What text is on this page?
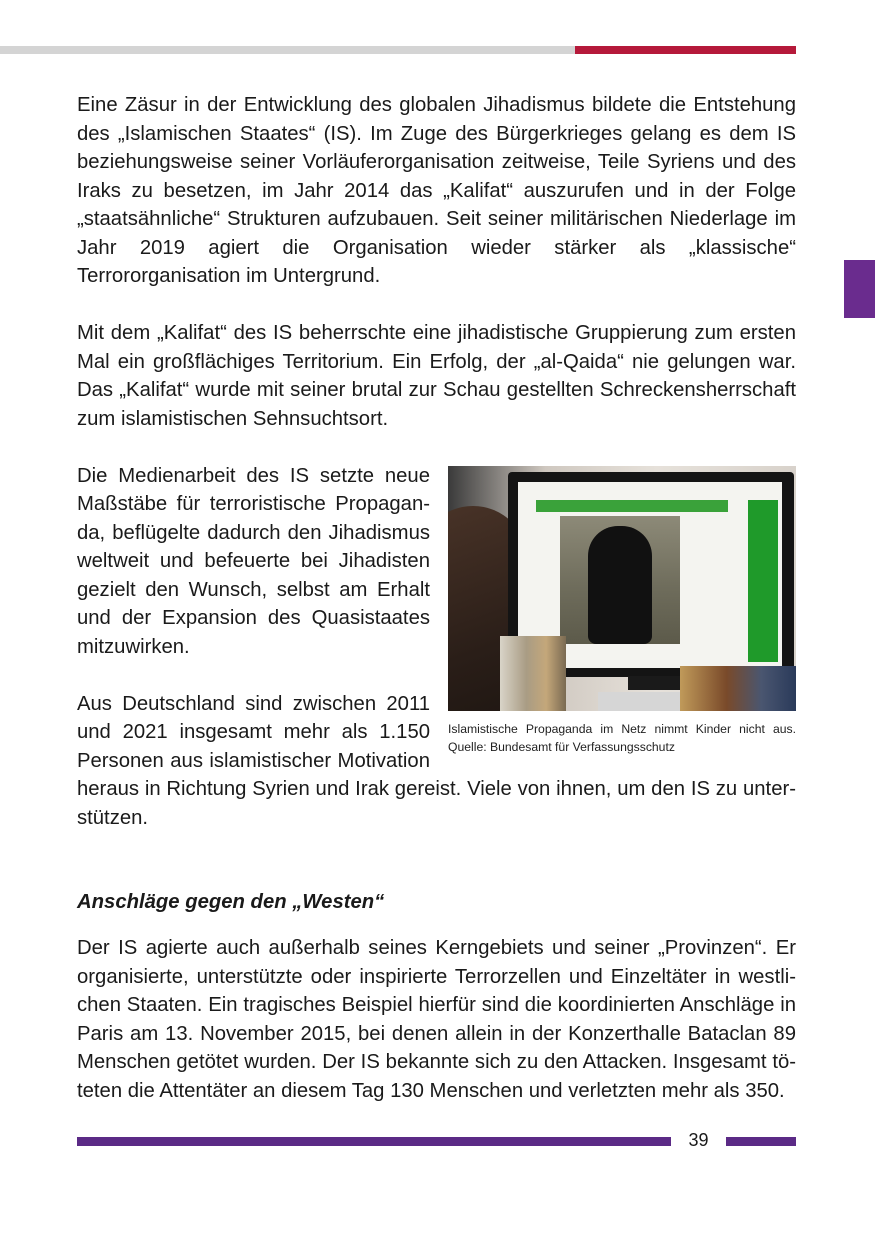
Eine Zäsur in der Entwicklung des globalen Jihadismus bildete die Entstehung des „Islamischen Staates“ (IS). Im Zuge des Bürgerkrieges gelang es dem IS beziehungsweise seiner Vorläuferorganisation zeitweise, Teile Syriens und des Iraks zu besetzen, im Jahr 2014 das „Kalifat“ auszurufen und in der Folge „staatsähnliche“ Strukturen aufzubauen. Seit seiner militärischen Niederlage im Jahr 2019 agiert die Organisation wieder stärker als „klassische“ Terrororganisation im Untergrund.

Mit dem „Kalifat“ des IS beherrschte eine jihadistische Gruppierung zum ersten Mal ein großflächiges Territorium. Ein Erfolg, der „al-Qaida“ nie gelungen war. Das „Kalifat“ wurde mit seiner brutal zur Schau gestellten Schreckensherrschaft zum islamistischen Sehnsuchtsort.

Islamistische Propaganda im Netz nimmt Kinder nicht aus.
Quelle: Bundesamt für Verfassungsschutz

Die Medienarbeit des IS setzte neue Maßstäbe für terroristische Propaganda, beflügelte dadurch den Jihadismus weltweit und befeuerte bei Jihadisten gezielt den Wunsch, selbst am Erhalt und der Expansion des Quasistaates mitzuwirken.

Aus Deutschland sind zwischen 2011 und 2021 insgesamt mehr als 1.150 Personen aus islamistischer Motivation heraus in Richtung Syrien und Irak gereist. Viele von ihnen, um den IS zu unterstützen.

Anschläge gegen den „Westen“

Der IS agierte auch außerhalb seines Kerngebiets und seiner „Provinzen“. Er organisierte, unterstützte oder inspirierte Terrorzellen und Einzeltäter in westlichen Staaten. Ein tragisches Beispiel hierfür sind die koordinierten Anschläge in Paris am 13. November 2015, bei denen allein in der Konzerthalle Bataclan 89 Menschen getötet wurden. Der IS bekannte sich zu den Attacken. Insgesamt töteten die Attentäter an diesem Tag 130 Menschen und verletzten mehr als 350.

39
